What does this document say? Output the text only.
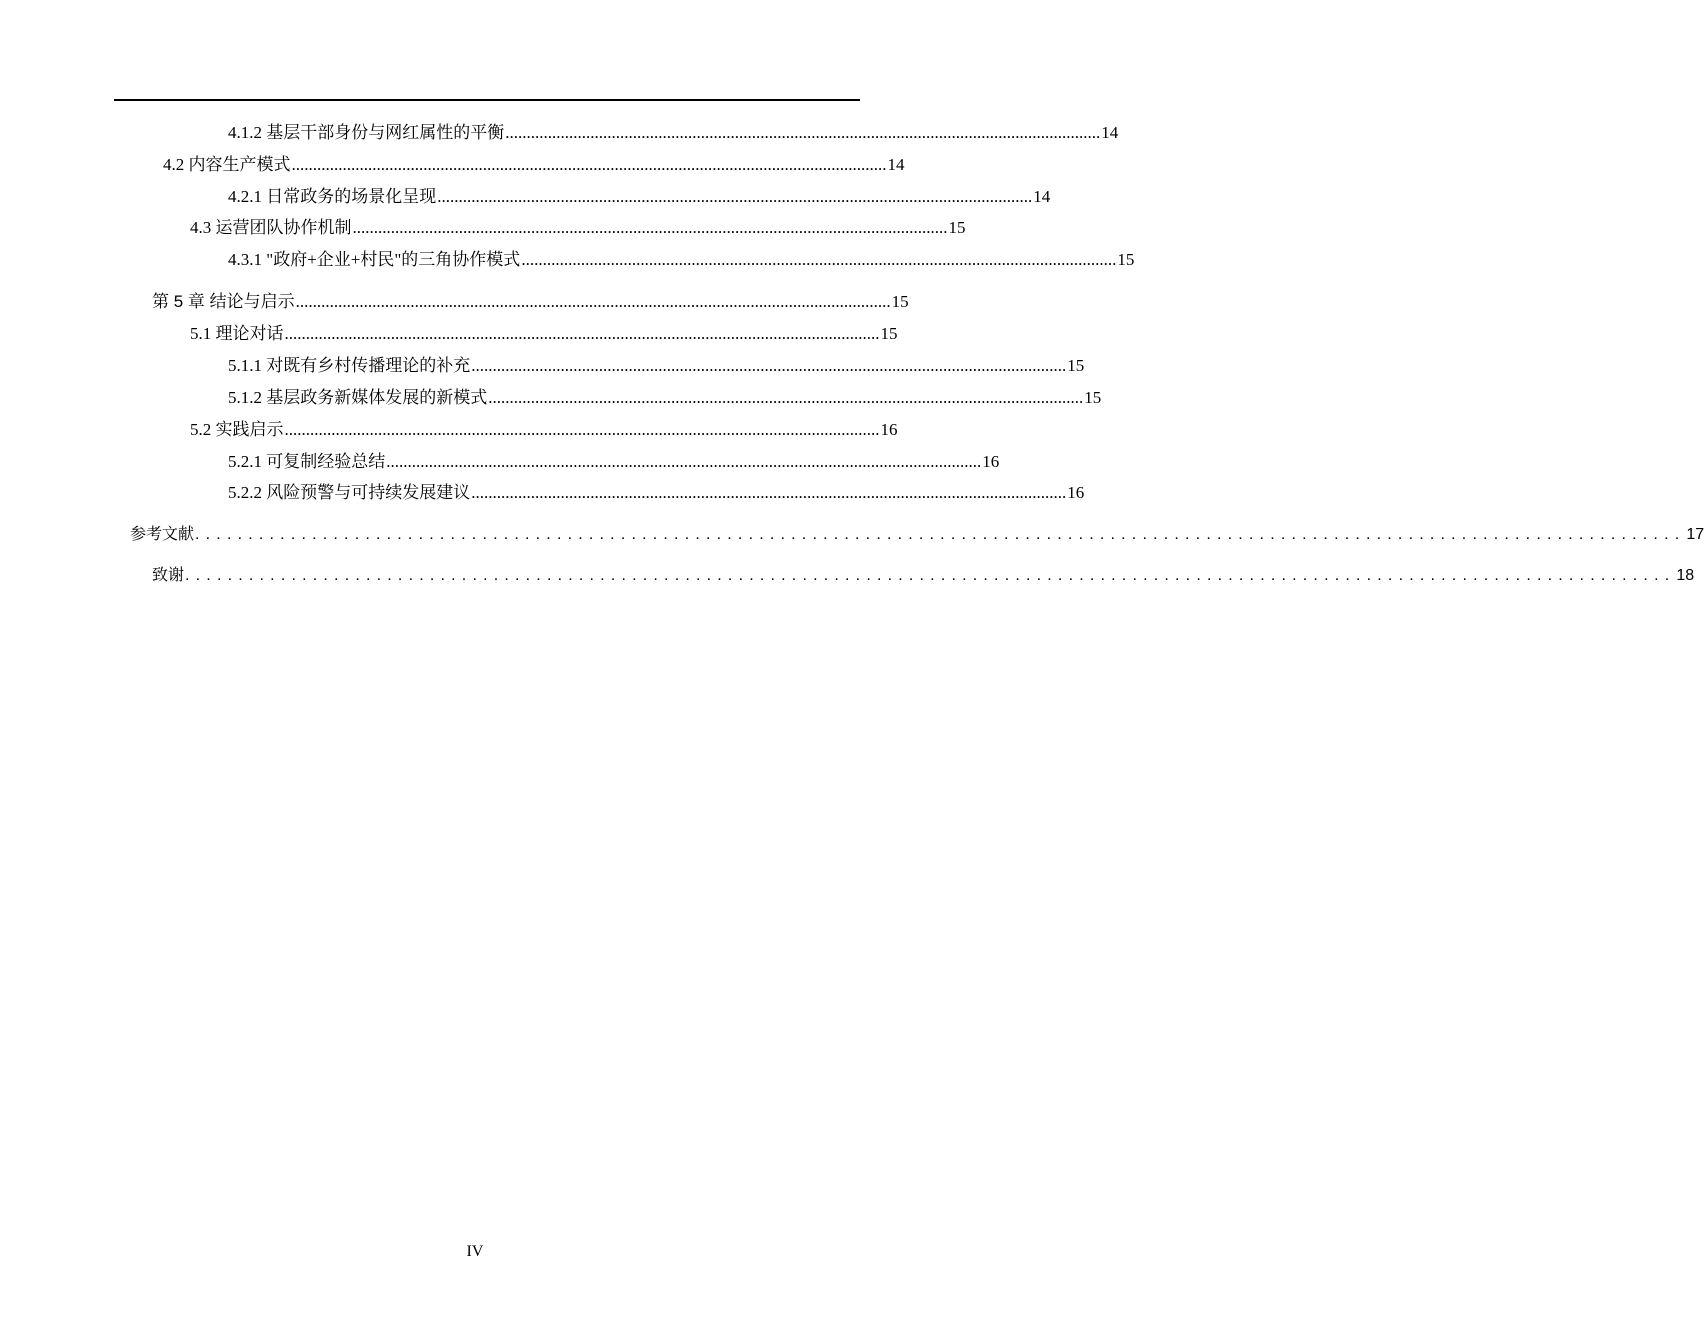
4.1.2 基层干部身份与网红属性的平衡 ............................................................................................................................................ 14
4.2 内容生产模式 ............................................................................................................................................ 14
4.2.1 日常政务的场景化呈现 ............................................................................................................................................ 14
4.3 运营团队协作机制 ............................................................................................................................................ 15
4.3.1 "政府+企业+村民"的三角协作模式 ............................................................................................................................................ 15
第 5 章 结论与启示 ............................................................................................................................................ 15
5.1 理论对话 ............................................................................................................................................ 15
5.1.1 对既有乡村传播理论的补充 ............................................................................................................................................ 15
5.1.2 基层政务新媒体发展的新模式 ............................................................................................................................................ 15
5.2 实践启示 ............................................................................................................................................ 16
5.2.1 可复制经验总结 ............................................................................................................................................ 16
5.2.2 风险预警与可持续发展建议 ............................................................................................................................................ 16
参考文献 ............................................................................................................................................ 17
致谢 ............................................................................................................................................ 18
IV
